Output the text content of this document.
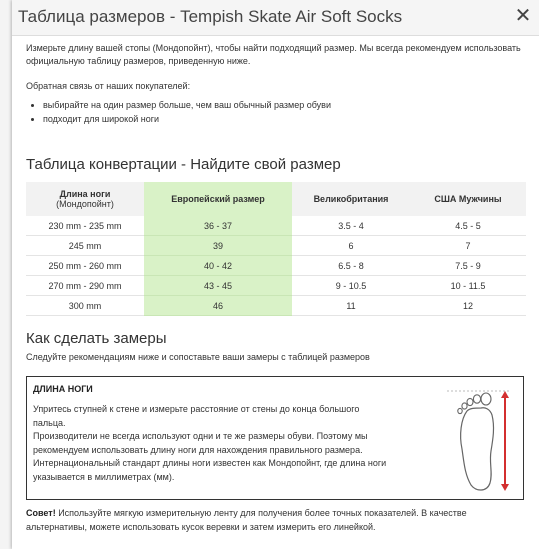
Таблица размеров - Tempish Skate Air Soft Socks	✕

Измерьте длину вашей стопы (Мондопойнт), чтобы найти подходящий размер. Мы всегда рекомендуем использовать официальную таблицу размеров, приведенную ниже.

Обратная связь от наших покупателей:

• выбирайте на один размер больше, чем ваш обычный размер обуви
• подходит для широкой ноги
Таблица конвертации - Найдите свой размер
Длина ноги
(Мондопойнт)	Европейский размер	Великобритания	США Мужчины
230 mm - 235 mm	36 - 37	3.5 - 4	4.5 - 5
245 mm	39	6	7
250 mm - 260 mm	40 - 42	6.5 - 8	7.5 - 9
270 mm - 290 mm	43 - 45	9 - 10.5	10 - 11.5
300 mm	46	11	12
Как сделать замеры
Следуйте рекомендациям ниже и сопоставьте ваши замеры с таблицей размеров
ДЛИНА НОГИ

Упритесь ступней к стене и измерьте расстояние от стены до конца большого пальца.

Производители не всегда используют одни и те же размеры обуви. Поэтому мы рекомендуем использовать длину ноги для нахождения правильного размера. Интернациональный стандарт длины ноги известен как Мондопойнт, где длина ноги указывается в миллиметрах (мм).

Совет! Используйте мягкую измерительную ленту для получения более точных показателей. В качестве альтернативы, можете использовать кусок веревки и затем измерить его линейкой.
